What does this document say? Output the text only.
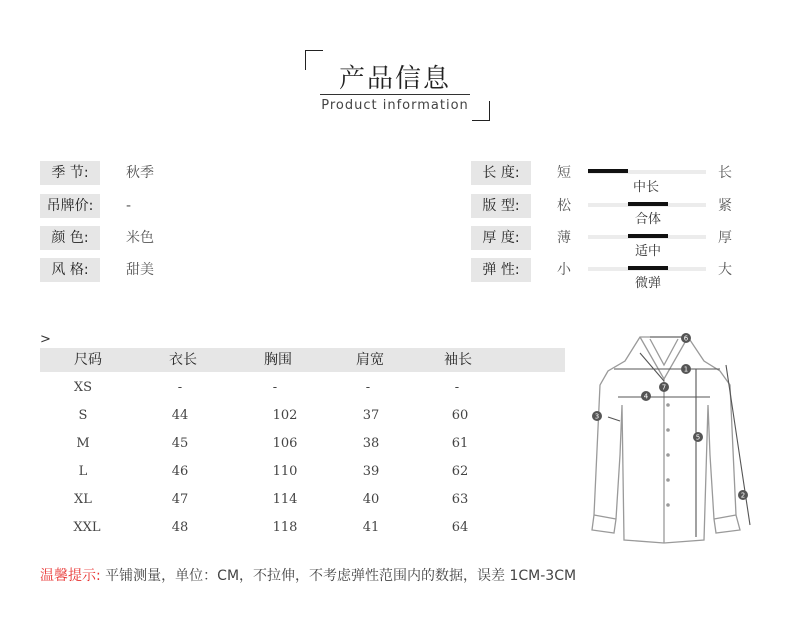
产品信息
Product information
季 节:	秋季
吊牌价:	-
颜 色:	米色
风 格:	甜美
长 度:	短
中长
长
版 型:	松
合体
紧
厚 度:	薄
适中
厚
弹 性:	小
微弹
大
>
尺码	衣长	胸围	肩宽	袖长
XS	-	-	-	-
S	44	102	37	60
M	45	106	38	61
L	46	110	39	62
XL	47	114	40	63
XXL	48	118	41	64
6
1
4
7
5
2
3
温馨提示: 平铺测量，单位：CM，不拉伸，不考虑弹性范围内的数据，误差 1CM-3CM
